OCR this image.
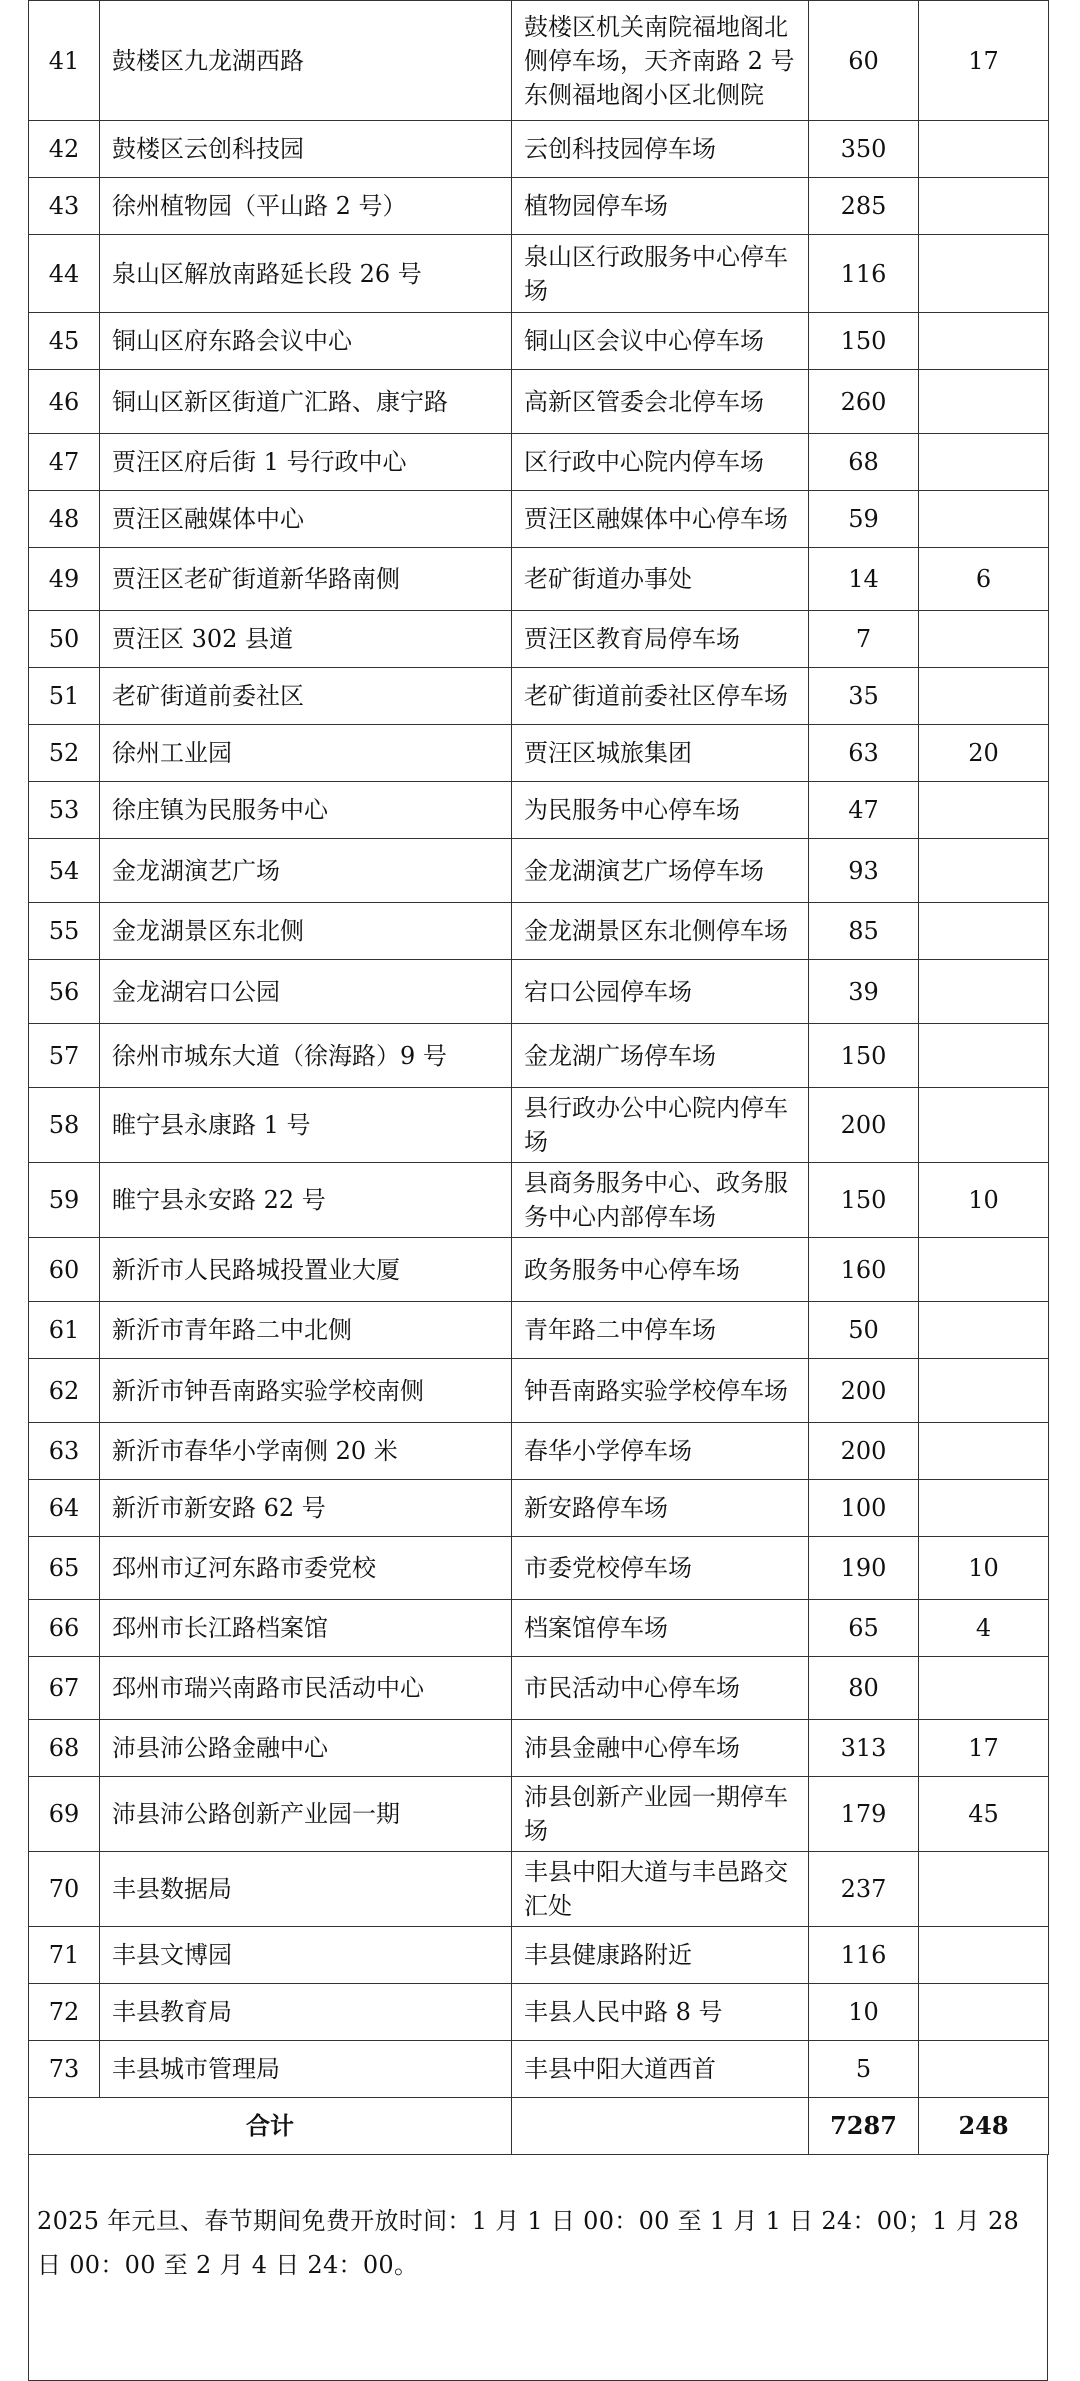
41	鼓楼区九龙湖西路	鼓楼区机关南院福地阁北侧停车场，天齐南路 2 号东侧福地阁小区北侧院	60	17
42	鼓楼区云创科技园	云创科技园停车场	350	
43	徐州植物园（平山路 2 号）	植物园停车场	285	
44	泉山区解放南路延长段 26 号	泉山区行政服务中心停车场	116	
45	铜山区府东路会议中心	铜山区会议中心停车场	150	
46	铜山区新区街道广汇路、康宁路	高新区管委会北停车场	260	
47	贾汪区府后街 1 号行政中心	区行政中心院内停车场	68	
48	贾汪区融媒体中心	贾汪区融媒体中心停车场	59	
49	贾汪区老矿街道新华路南侧	老矿街道办事处	14	6
50	贾汪区 302 县道	贾汪区教育局停车场	7	
51	老矿街道前委社区	老矿街道前委社区停车场	35	
52	徐州工业园	贾汪区城旅集团	63	20
53	徐庄镇为民服务中心	为民服务中心停车场	47	
54	金龙湖演艺广场	金龙湖演艺广场停车场	93	
55	金龙湖景区东北侧	金龙湖景区东北侧停车场	85	
56	金龙湖宕口公园	宕口公园停车场	39	
57	徐州市城东大道（徐海路）9 号	金龙湖广场停车场	150	
58	睢宁县永康路 1 号	县行政办公中心院内停车场	200	
59	睢宁县永安路 22 号	县商务服务中心、政务服务中心内部停车场	150	10
60	新沂市人民路城投置业大厦	政务服务中心停车场	160	
61	新沂市青年路二中北侧	青年路二中停车场	50	
62	新沂市钟吾南路实验学校南侧	钟吾南路实验学校停车场	200	
63	新沂市春华小学南侧 20 米	春华小学停车场	200	
64	新沂市新安路 62 号	新安路停车场	100	
65	邳州市辽河东路市委党校	市委党校停车场	190	10
66	邳州市长江路档案馆	档案馆停车场	65	4
67	邳州市瑞兴南路市民活动中心	市民活动中心停车场	80	
68	沛县沛公路金融中心	沛县金融中心停车场	313	17
69	沛县沛公路创新产业园一期	沛县创新产业园一期停车场	179	45
70	丰县数据局	丰县中阳大道与丰邑路交汇处	237	
71	丰县文博园	丰县健康路附近	116	
72	丰县教育局	丰县人民中路 8 号	10	
73	丰县城市管理局	丰县中阳大道西首	5	
合计			7287	248
2025 年元旦、春节期间免费开放时间：1 月 1 日 00：00 至 1 月 1 日 24：00；1 月 28 日 00：00 至 2 月 4 日 24：00。
